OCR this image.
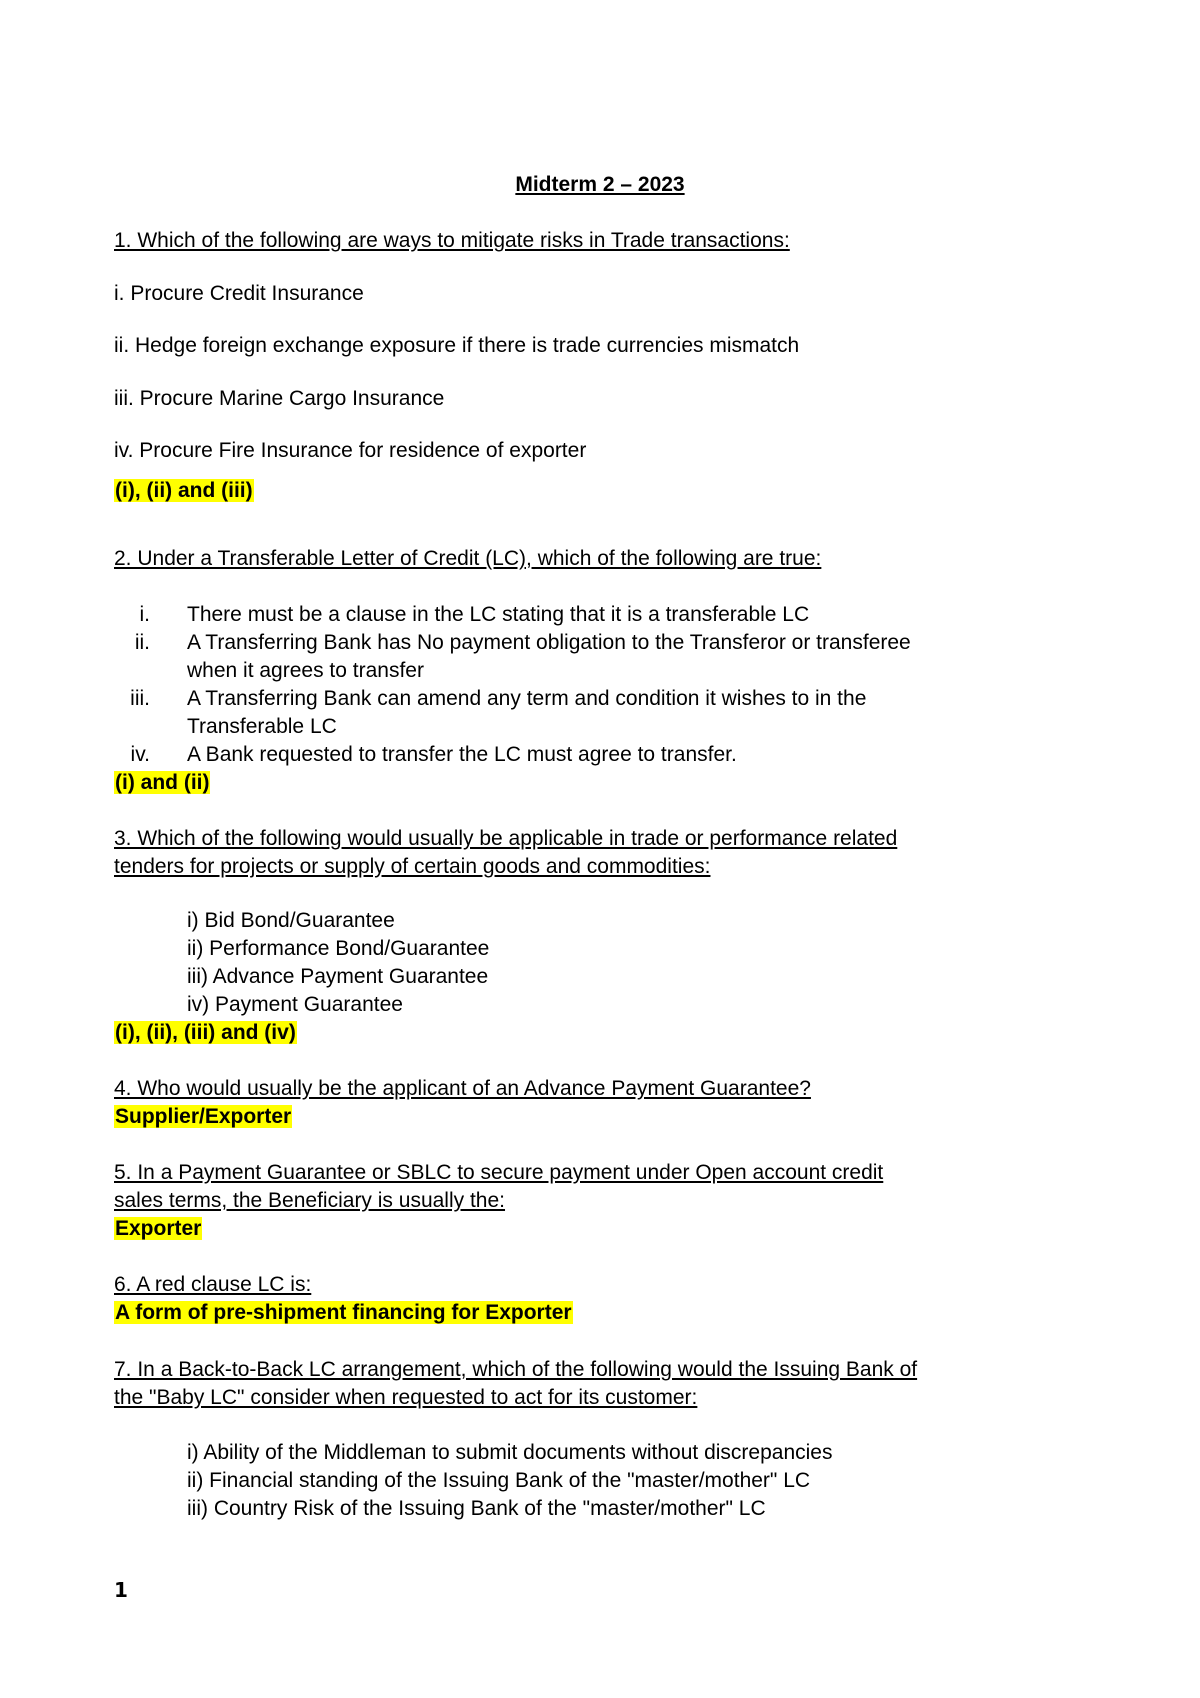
Midterm 2 – 2023
1. Which of the following are ways to mitigate risks in Trade transactions:
i. Procure Credit Insurance
ii. Hedge foreign exchange exposure if there is trade currencies mismatch
iii. Procure Marine Cargo Insurance
iv. Procure Fire Insurance for residence of exporter
(i), (ii) and (iii)
2. Under a Transferable Letter of Credit (LC), which of the following are true:
i. There must be a clause in the LC stating that it is a transferable LC
ii. A Transferring Bank has No payment obligation to the Transferor or transferee
when it agrees to transfer
iii. A Transferring Bank can amend any term and condition it wishes to in the
Transferable LC
iv. A Bank requested to transfer the LC must agree to transfer.
(i) and (ii)
3. Which of the following would usually be applicable in trade or performance related
tenders for projects or supply of certain goods and commodities:
i) Bid Bond/Guarantee
ii) Performance Bond/Guarantee
iii) Advance Payment Guarantee
iv) Payment Guarantee
(i), (ii), (iii) and (iv)
4. Who would usually be the applicant of an Advance Payment Guarantee?
Supplier/Exporter
5. In a Payment Guarantee or SBLC to secure payment under Open account credit
sales terms, the Beneficiary is usually the:
Exporter
6. A red clause LC is:
A form of pre-shipment financing for Exporter
7. In a Back-to-Back LC arrangement, which of the following would the Issuing Bank of
the "Baby LC" consider when requested to act for its customer:
i) Ability of the Middleman to submit documents without discrepancies
ii) Financial standing of the Issuing Bank of the "master/mother" LC
iii) Country Risk of the Issuing Bank of the "master/mother" LC
1
